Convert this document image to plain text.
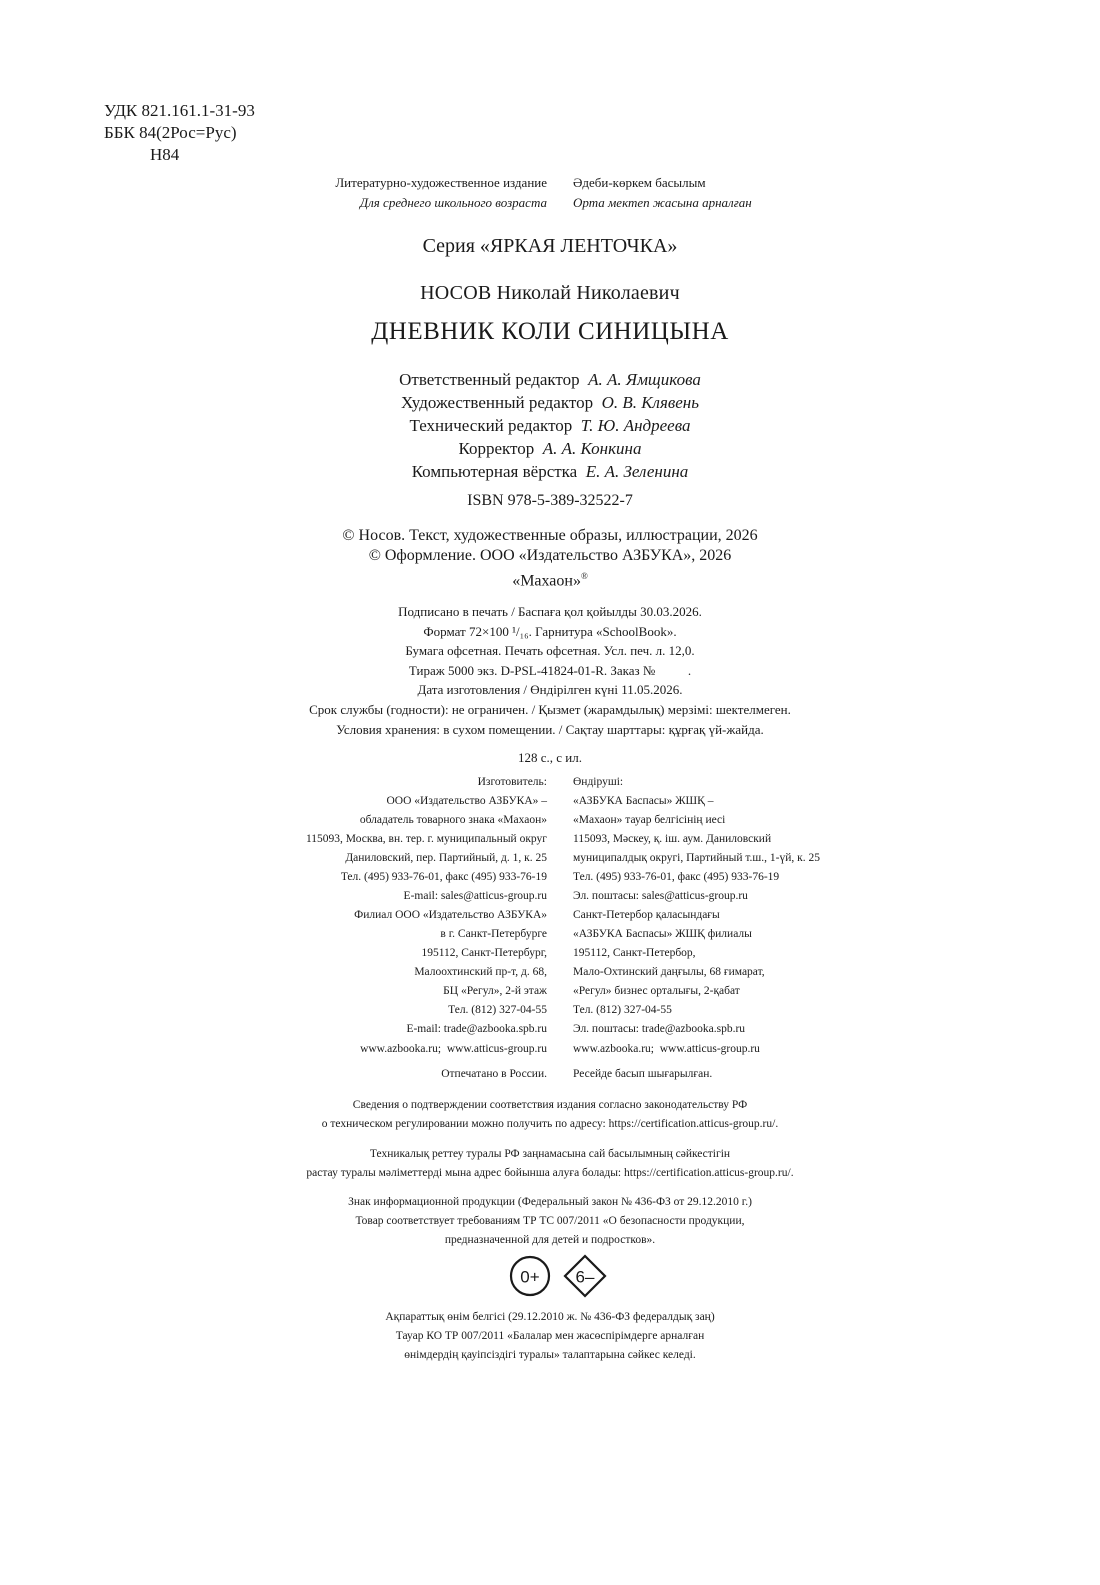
УДК 821.161.1-31-93
ББК 84(2Рос=Рус)
Н84
Литературно-художественное издание Әдеби-көркем басылым
Для среднего школьного возраста Орта мектеп жасына арналған
Серия «ЯРКАЯ ЛЕНТОЧКА»
НОСОВ Николай Николаевич
ДНЕВНИК КОЛИ СИНИЦЫНА
Ответственный редактор А. А. Ямщикова
Художественный редактор О. В. Клявень
Технический редактор Т. Ю. Андреева
Корректор А. А. Конкина
Компьютерная вёрстка Е. А. Зеленина
ISBN 978-5-389-32522-7
© Носов. Текст, художественные образы, иллюстрации, 2026
© Оформление. ООО «Издательство АЗБУКА», 2026
«Махаон»®
Подписано в печать / Баспаға қол қойылды 30.03.2026.
Формат 72×100 ¹/₁₆. Гарнитура «SchoolBook».
Бумага офсетная. Печать офсетная. Усл. печ. л. 12,0.
Тираж 5000 экз. D-PSL-41824-01-R. Заказ №          .
Дата изготовления / Өндірілген күні 11.05.2026.
Срок службы (годности): не ограничен. / Қызмет (жарамдылық) мерзімі: шектелмеген.
Условия хранения: в сухом помещении. / Сақтау шарттары: құрғақ үй-жайда.
128 с., с ил.
Изготовитель:
ООО «Издательство АЗБУКА» –
обладатель товарного знака «Махаон»
115093, Москва, вн. тер. г. муниципальный округ
Даниловский, пер. Партийный, д. 1, к. 25
Тел. (495) 933-76-01, факс (495) 933-76-19
E-mail: sales@atticus-group.ru
Өндіруші:
«АЗБУКА Баспасы» ЖШҚ –
«Махаон» тауар белгісінің иесі
115093, Мәскеу, қ. іш. аум. Даниловский
муниципалдық округі, Партийный т.ш., 1-үй, к. 25
Тел. (495) 933-76-01, факс (495) 933-76-19
Эл. поштасы: sales@atticus-group.ru
Филиал ООО «Издательство АЗБУКА»
в г. Санкт-Петербурге
195112, Санкт-Петербург,
Малоохтинский пр-т, д. 68,
БЦ «Регул», 2-й этаж
Тел. (812) 327-04-55
E-mail: trade@azbooka.spb.ru
Санкт-Петербор қаласындағы
«АЗБУКА Баспасы» ЖШҚ филиалы
195112, Санкт-Петербор,
Мало-Охтинский даңғылы, 68 ғимарат,
«Регул» бизнес орталығы, 2-қабат
Тел. (812) 327-04-55
Эл. поштасы: trade@azbooka.spb.ru
www.azbooka.ru;  www.atticus-group.ru www.azbooka.ru;  www.atticus-group.ru
Отпечатано в России. Ресейде басып шығарылған.
Сведения о подтверждении соответствия издания согласно законодательству РФ
о техническом регулировании можно получить по адресу: https://certification.atticus-group.ru/.
Техникалық реттеу туралы РФ заңнамасына сай басылымның сәйкестігін
растау туралы мәліметтерді мына адрес бойынша алуға болады: https://certification.atticus-group.ru/.
Знак информационной продукции (Федеральный закон № 436-ФЗ от 29.12.2010 г.)
Товар соответствует требованиям ТР ТС 007/2011 «О безопасности продукции,
предназначенной для детей и подростков».
0+ 6–
Ақпараттық өнім белгісі (29.12.2010 ж. № 436-ФЗ федералдық заң)
Тауар КО ТР 007/2011 «Балалар мен жасөспірімдерге арналған
өнімдердің қауіпсіздігі туралы» талаптарына сәйкес келеді.
